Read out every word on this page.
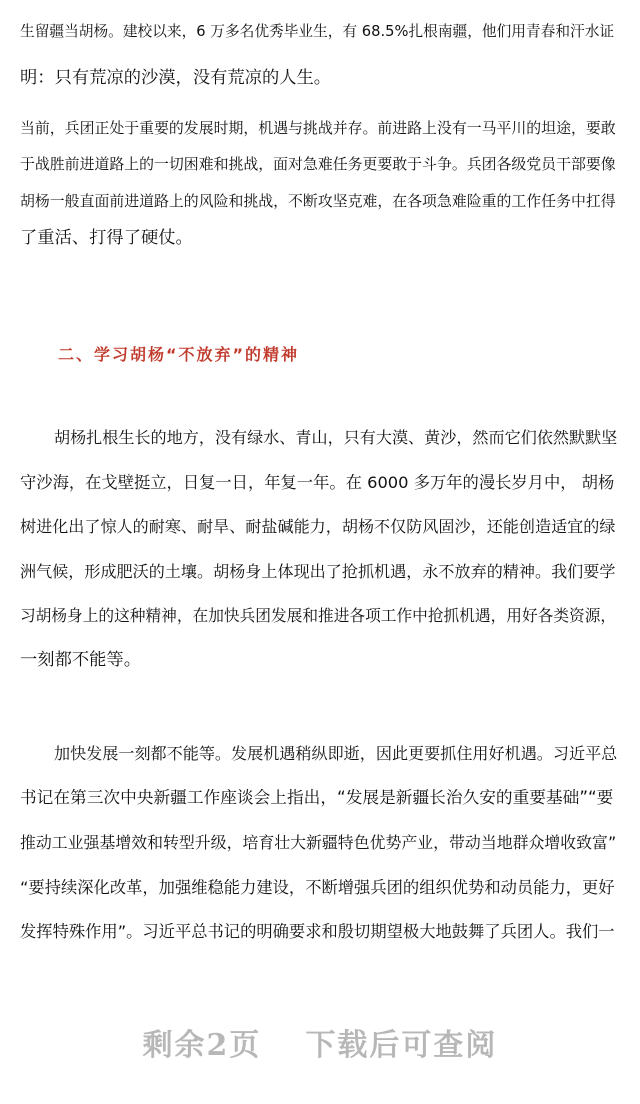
生留疆当胡杨。建校以来，6 万多名优秀毕业生，有 68.5%扎根南疆，他们用青春和汗水证
明：只有荒凉的沙漠，没有荒凉的人生。
当前，兵团正处于重要的发展时期，机遇与挑战并存。前进路上没有一马平川的坦途，要敢
于战胜前进道路上的一切困难和挑战，面对急难任务更要敢于斗争。兵团各级党员干部要像
胡杨一般直面前进道路上的风险和挑战，不断攻坚克难，在各项急难险重的工作任务中扛得
了重活、打得了硬仗。
二、学习胡杨“不放弃”的精神
胡杨扎根生长的地方，没有绿水、青山，只有大漠、黄沙，然而它们依然默默坚
守沙海，在戈壁挺立，日复一日，年复一年。在 6000 多万年的漫长岁月中， 胡杨
树进化出了惊人的耐寒、耐旱、耐盐碱能力，胡杨不仅防风固沙，还能创造适宜的绿
洲气候，形成肥沃的土壤。胡杨身上体现出了抢抓机遇，永不放弃的精神。我们要学
习胡杨身上的这种精神，在加快兵团发展和推进各项工作中抢抓机遇，用好各类资源，
一刻都不能等。
加快发展一刻都不能等。发展机遇稍纵即逝，因此更要抓住用好机遇。习近平总
书记在第三次中央新疆工作座谈会上指出，“发展是新疆长治久安的重要基础”“要
推动工业强基增效和转型升级，培育壮大新疆特色优势产业，带动当地群众增收致富”
“要持续深化改革，加强维稳能力建设，不断增强兵团的组织优势和动员能力，更好
发挥特殊作用”。习近平总书记的明确要求和殷切期望极大地鼓舞了兵团人。我们一
剩余2页 下载后可查阅
